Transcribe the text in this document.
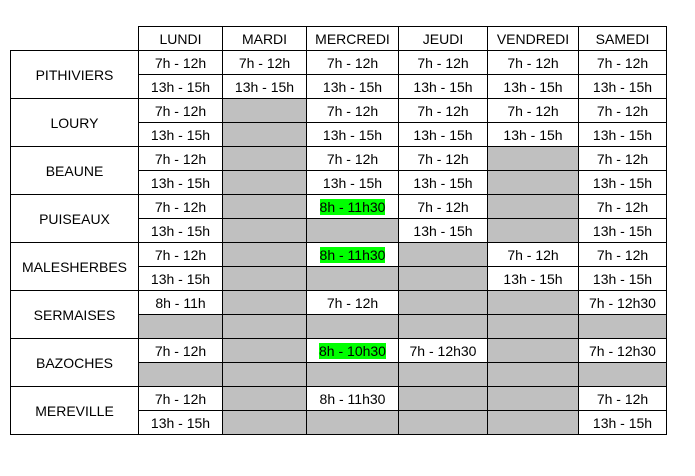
	LUNDI	MARDI	MERCREDI	JEUDI	VENDREDI	SAMEDI
PITHIVIERS	7h - 12h	7h - 12h	7h - 12h	7h - 12h	7h - 12h	7h - 12h
	13h - 15h	13h - 15h	13h - 15h	13h - 15h	13h - 15h	13h - 15h
LOURY	7h - 12h		7h - 12h	7h - 12h	7h - 12h	7h - 12h
	13h - 15h		13h - 15h	13h - 15h	13h - 15h	13h - 15h
BEAUNE	7h - 12h		7h - 12h	7h - 12h		7h - 12h
	13h - 15h		13h - 15h	13h - 15h		13h - 15h
PUISEAUX	7h - 12h		8h - 11h30	7h - 12h		7h - 12h
	13h - 15h			13h - 15h		13h - 15h
MALESHERBES	7h - 12h		8h - 11h30		7h - 12h	7h - 12h
	13h - 15h				13h - 15h	13h - 15h
SERMAISES	8h - 11h		7h - 12h			7h - 12h30

BAZOCHES	7h - 12h		8h - 10h30	7h - 12h30		7h - 12h30

MEREVILLE	7h - 12h		8h - 11h30			7h - 12h
	13h - 15h					13h - 15h
